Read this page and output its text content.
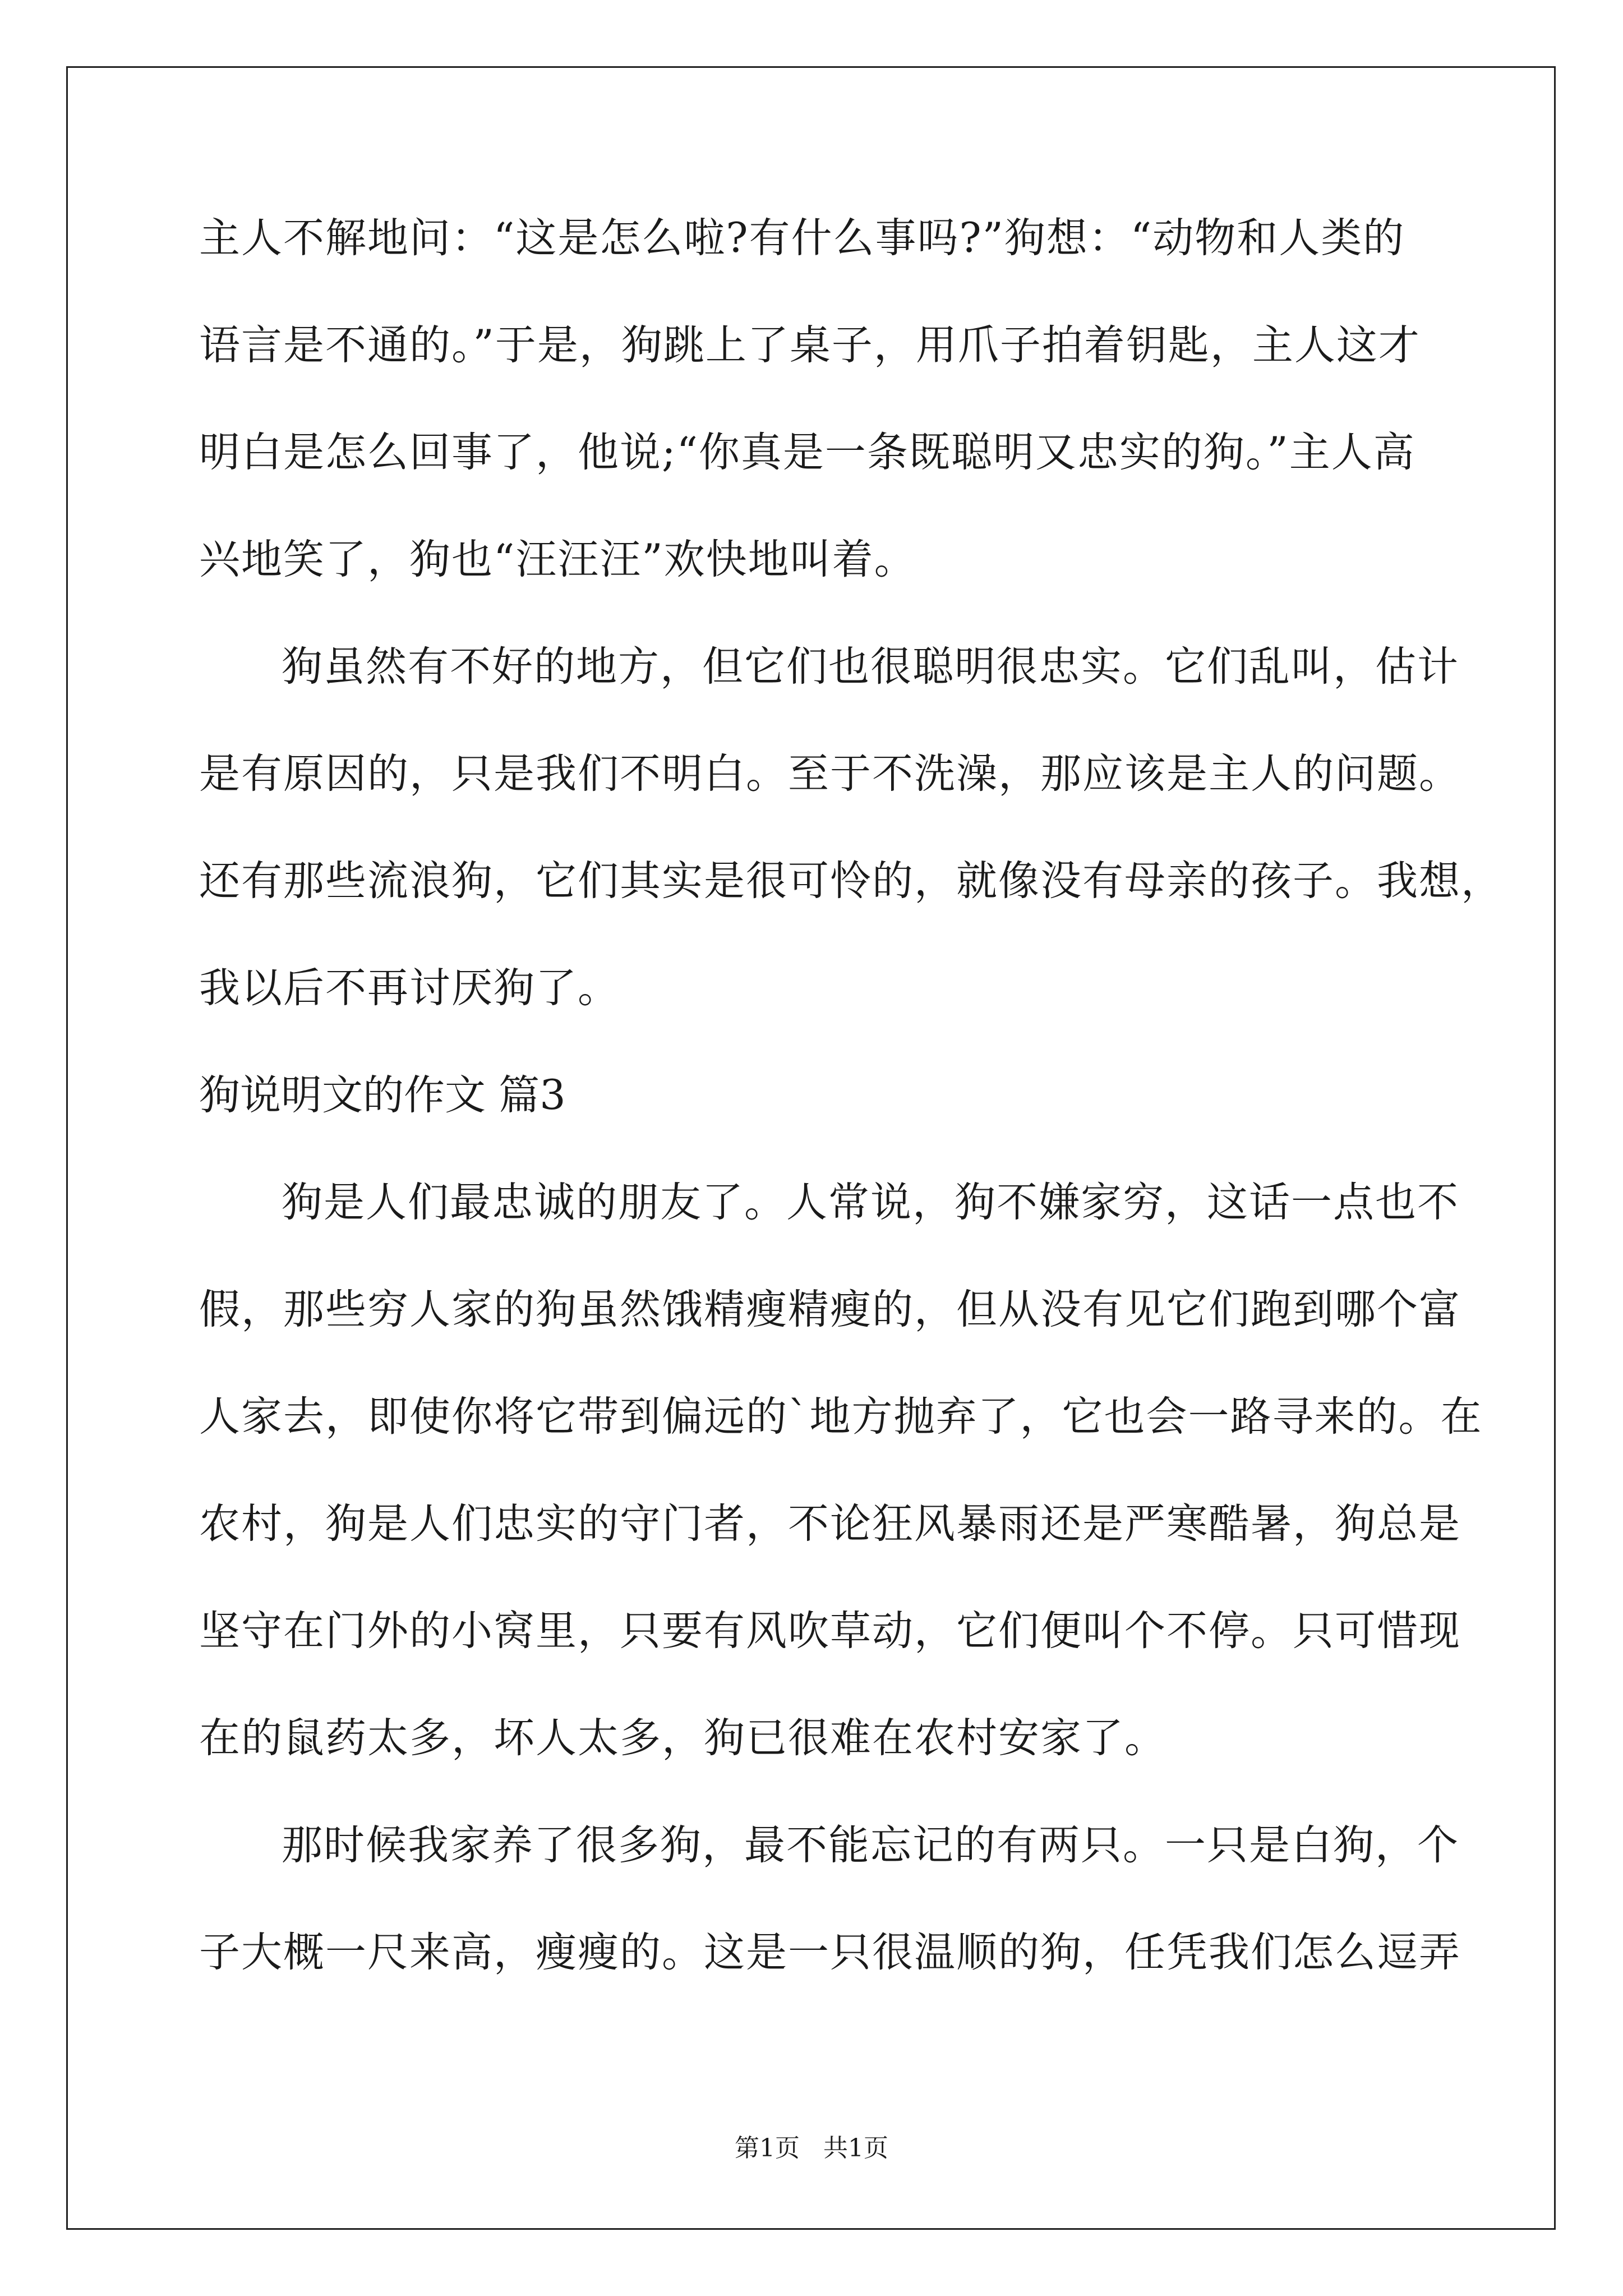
主人不解地问：“这是怎么啦?有什么事吗?”狗想：“动物和人类的
语言是不通的。”于是，狗跳上了桌子，用爪子拍着钥匙，主人这才
明白是怎么回事了，他说;“你真是一条既聪明又忠实的狗。”主人高
兴地笑了，狗也“汪汪汪”欢快地叫着。
狗虽然有不好的地方，但它们也很聪明很忠实。它们乱叫，估计
是有原因的，只是我们不明白。至于不洗澡，那应该是主人的问题。
还有那些流浪狗，它们其实是很可怜的，就像没有母亲的孩子。我想，
我以后不再讨厌狗了。
狗说明文的作文 篇3
狗是人们最忠诚的朋友了。人常说，狗不嫌家穷，这话一点也不
假，那些穷人家的狗虽然饿精瘦精瘦的，但从没有见它们跑到哪个富
人家去，即使你将它带到偏远的`地方抛弃了，它也会一路寻来的。在
农村，狗是人们忠实的守门者，不论狂风暴雨还是严寒酷暑，狗总是
坚守在门外的小窝里，只要有风吹草动，它们便叫个不停。只可惜现
在的鼠药太多，坏人太多，狗已很难在农村安家了。
那时候我家养了很多狗，最不能忘记的有两只。一只是白狗，个
子大概一尺来高，瘦瘦的。这是一只很温顺的狗，任凭我们怎么逗弄
第1页   共1页
